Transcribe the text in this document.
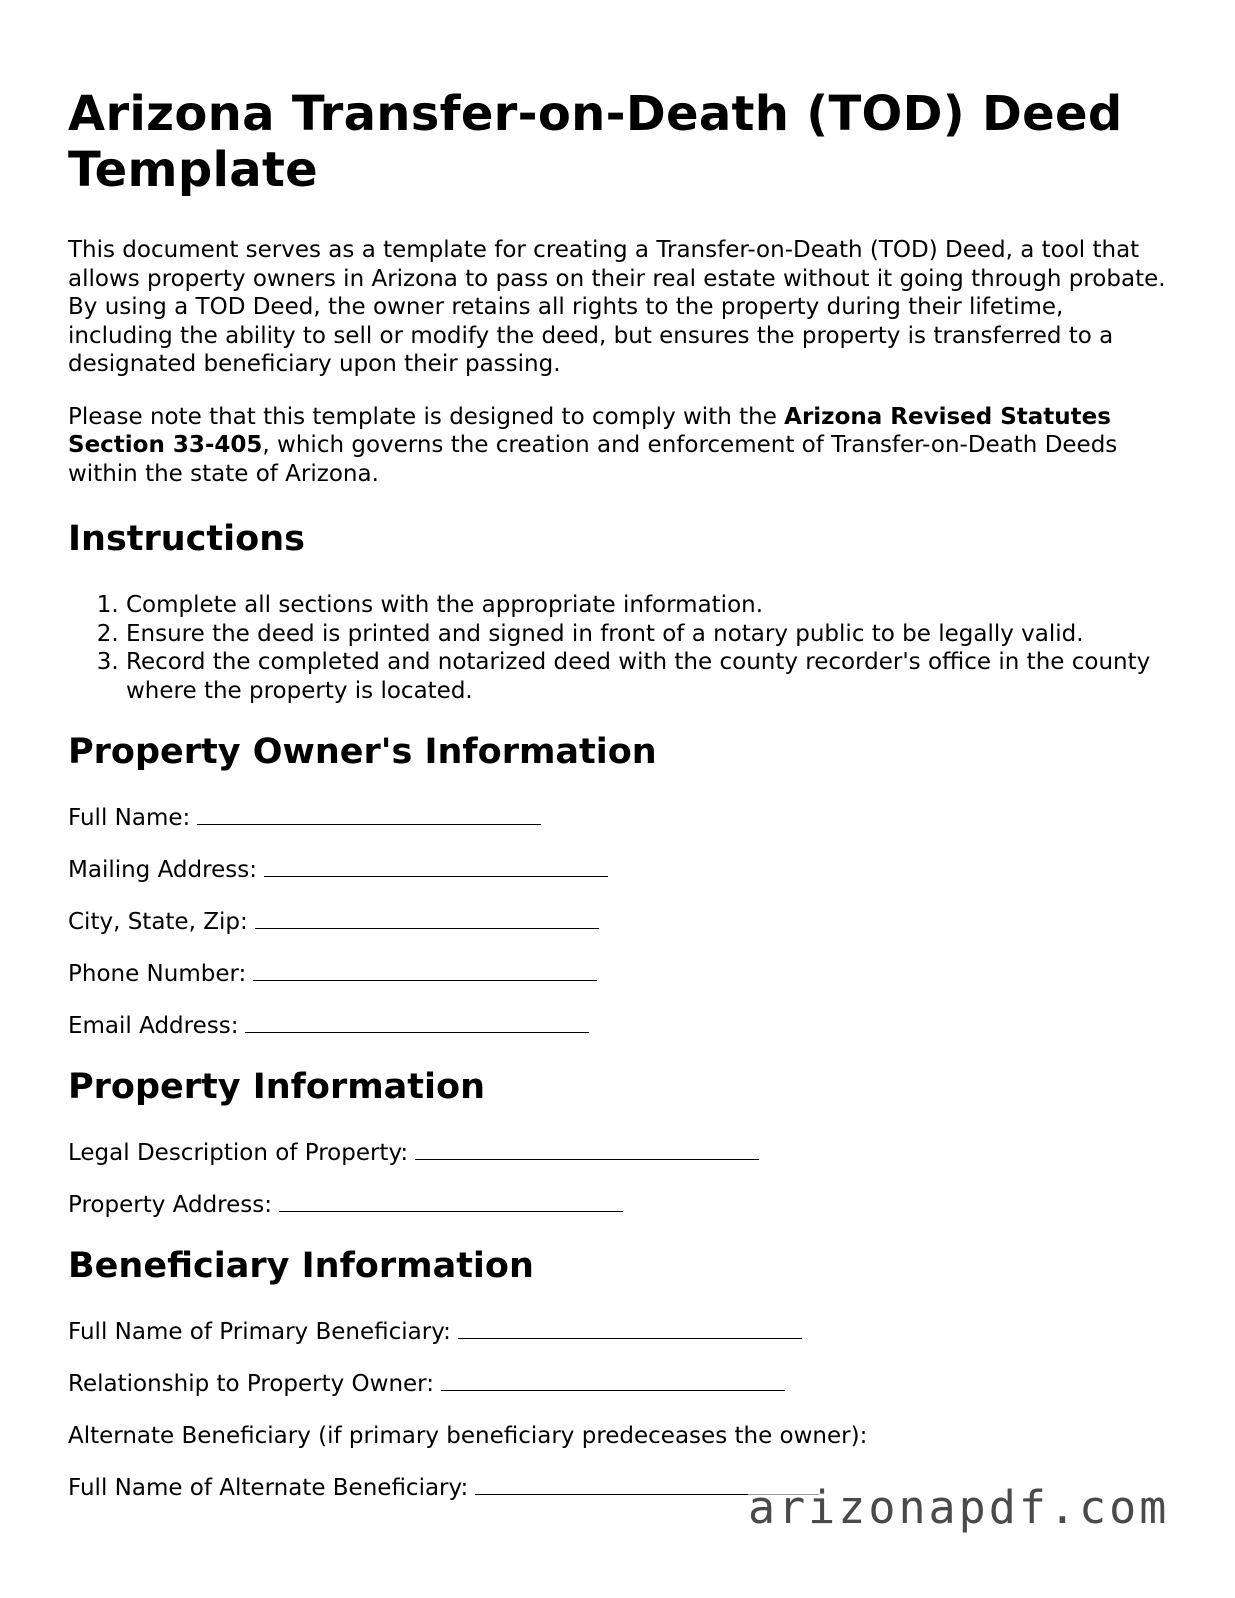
Arizona Transfer-on-Death (TOD) Deed Template

This document serves as a template for creating a Transfer-on-Death (TOD) Deed, a tool that allows property owners in Arizona to pass on their real estate without it going through probate. By using a TOD Deed, the owner retains all rights to the property during their lifetime, including the ability to sell or modify the deed, but ensures the property is transferred to a designated beneficiary upon their passing.

Please note that this template is designed to comply with the Arizona Revised Statutes Section 33-405, which governs the creation and enforcement of Transfer-on-Death Deeds within the state of Arizona.

Instructions
1. Complete all sections with the appropriate information.
2. Ensure the deed is printed and signed in front of a notary public to be legally valid.
3. Record the completed and notarized deed with the county recorder's office in the county where the property is located.
Property Owner's Information
Full Name:
Mailing Address:
City, State, Zip:
Phone Number:
Email Address:
Property Information
Legal Description of Property:
Property Address:
Beneficiary Information
Full Name of Primary Beneficiary:
Relationship to Property Owner:
Alternate Beneficiary (if primary beneficiary predeceases the owner):
Full Name of Alternate Beneficiary:	arizonapdf.com
